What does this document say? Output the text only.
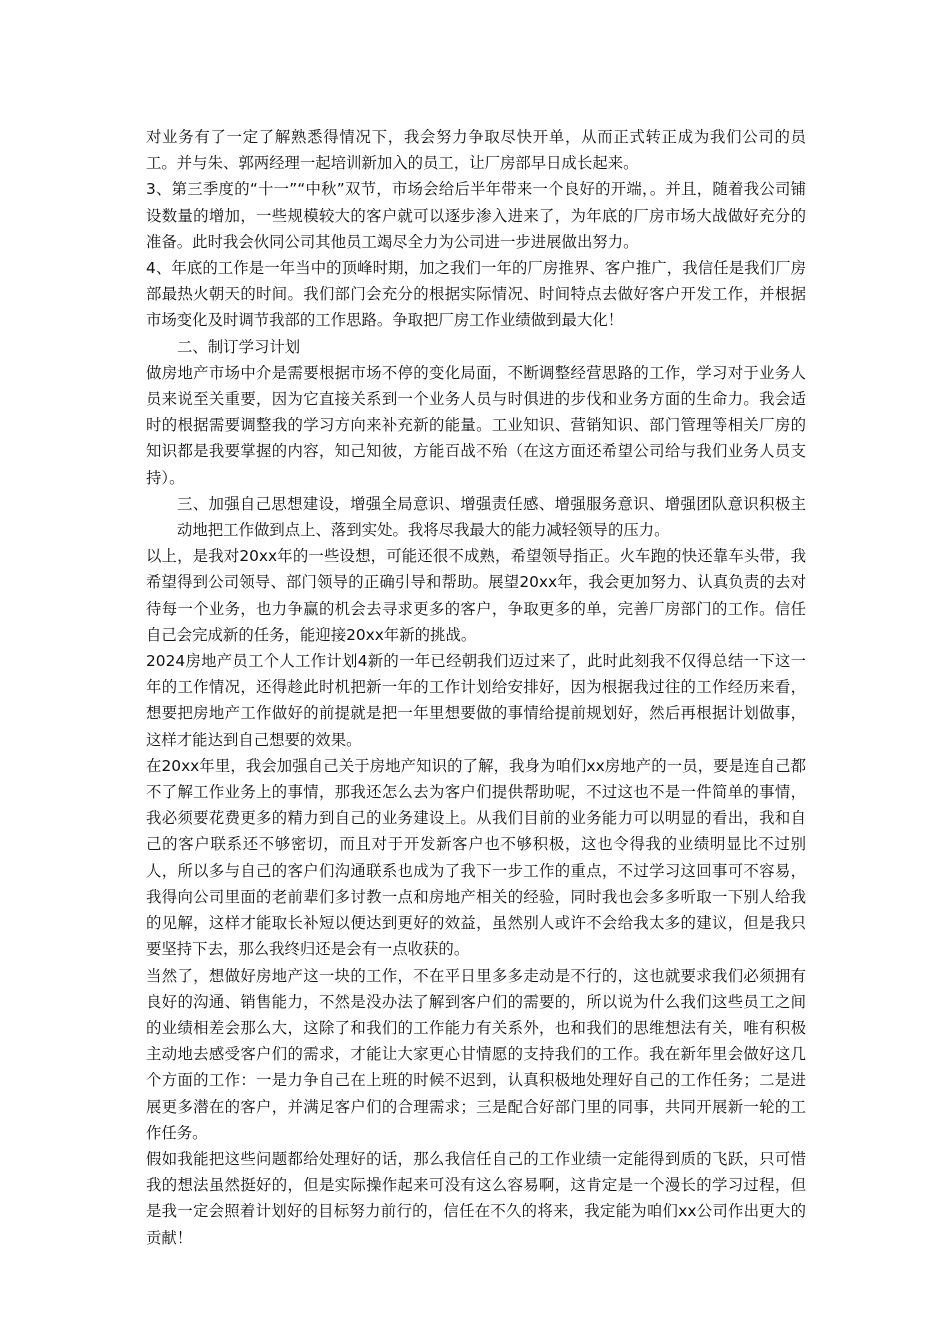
对业务有了一定了解熟悉得情况下，我会努力争取尽快开单，从而正式转正成为我们公司的员工。并与朱、郭两经理一起培训新加入的员工，让厂房部早日成长起来。

3、第三季度的“十一”“中秋”双节，市场会给后半年带来一个良好的开端，。并且，随着我公司铺设数量的增加，一些规模较大的客户就可以逐步渗入进来了，为年底的厂房市场大战做好充分的准备。此时我会伙同公司其他员工竭尽全力为公司进一步进展做出努力。

4、年底的工作是一年当中的顶峰时期，加之我们一年的厂房推界、客户推广，我信任是我们厂房部最热火朝天的时间。我们部门会充分的根据实际情况、时间特点去做好客户开发工作，并根据市场变化及时调节我部的工作思路。争取把厂房工作业绩做到最大化！

二、制订学习计划

做房地产市场中介是需要根据市场不停的变化局面，不断调整经营思路的工作，学习对于业务人员来说至关重要，因为它直接关系到一个业务人员与时俱进的步伐和业务方面的生命力。我会适时的根据需要调整我的学习方向来补充新的能量。工业知识、营销知识、部门管理等相关厂房的知识都是我要掌握的内容，知己知彼，方能百战不殆（在这方面还希望公司给与我们业务人员支持）。

三、加强自己思想建设，增强全局意识、增强责任感、增强服务意识、增强团队意识积极主动地把工作做到点上、落到实处。我将尽我最大的能力减轻领导的压力。

以上，是我对20xx年的一些设想，可能还很不成熟，希望领导指正。火车跑的快还靠车头带，我希望得到公司领导、部门领导的正确引导和帮助。展望20xx年，我会更加努力、认真负责的去对待每一个业务，也力争赢的机会去寻求更多的客户，争取更多的单，完善厂房部门的工作。信任自己会完成新的任务，能迎接20xx年新的挑战。

2024房地产员工个人工作计划4新的一年已经朝我们迈过来了，此时此刻我不仅得总结一下这一年的工作情况，还得趁此时机把新一年的工作计划给安排好，因为根据我过往的工作经历来看，想要把房地产工作做好的前提就是把一年里想要做的事情给提前规划好，然后再根据计划做事，这样才能达到自己想要的效果。

在20xx年里，我会加强自己关于房地产知识的了解，我身为咱们xx房地产的一员，要是连自己都不了解工作业务上的事情，那我还怎么去为客户们提供帮助呢，不过这也不是一件简单的事情，我必须要花费更多的精力到自己的业务建设上。从我们目前的业务能力可以明显的看出，我和自己的客户联系还不够密切，而且对于开发新客户也不够积极，这也令得我的业绩明显比不过别人，所以多与自己的客户们沟通联系也成为了我下一步工作的重点，不过学习这回事可不容易，我得向公司里面的老前辈们多讨教一点和房地产相关的经验，同时我也会多多听取一下别人给我的见解，这样才能取长补短以便达到更好的效益，虽然别人或许不会给我太多的建议，但是我只要坚持下去，那么我终归还是会有一点收获的。

当然了，想做好房地产这一块的工作，不在平日里多多走动是不行的，这也就要求我们必须拥有良好的沟通、销售能力，不然是没办法了解到客户们的需要的，所以说为什么我们这些员工之间的业绩相差会那么大，这除了和我们的工作能力有关系外，也和我们的思维想法有关，唯有积极主动地去感受客户们的需求，才能让大家更心甘情愿的支持我们的工作。我在新年里会做好这几个方面的工作：一是力争自己在上班的时候不迟到，认真积极地处理好自己的工作任务；二是进展更多潜在的客户，并满足客户们的合理需求；三是配合好部门里的同事，共同开展新一轮的工作任务。

假如我能把这些问题都给处理好的话，那么我信任自己的工作业绩一定能得到质的飞跃，只可惜我的想法虽然挺好的，但是实际操作起来可没有这么容易啊，这肯定是一个漫长的学习过程，但是我一定会照着计划好的目标努力前行的，信任在不久的将来，我定能为咱们xx公司作出更大的贡献！
